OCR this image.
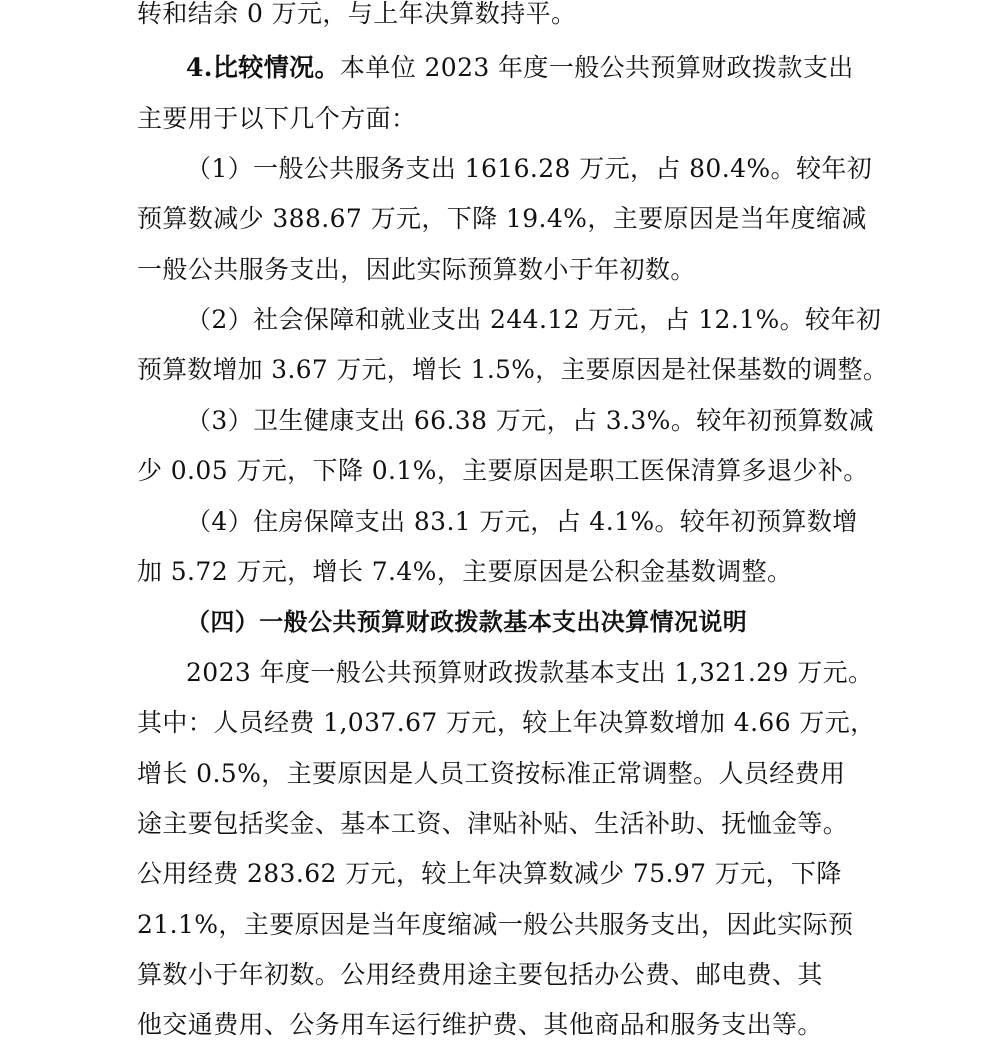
转和结余 0 万元，与上年决算数持平。
4.比较情况。本单位 2023 年度一般公共预算财政拨款支出
主要用于以下几个方面：
（1）一般公共服务支出 1616.28 万元，占 80.4%。较年初
预算数减少 388.67 万元，下降 19.4%，主要原因是当年度缩减
一般公共服务支出，因此实际预算数小于年初数。
（2）社会保障和就业支出 244.12 万元，占 12.1%。较年初
预算数增加 3.67 万元，增长 1.5%，主要原因是社保基数的调整。
（3）卫生健康支出 66.38 万元，占 3.3%。较年初预算数减
少 0.05 万元，下降 0.1%，主要原因是职工医保清算多退少补。
（4）住房保障支出 83.1 万元，占 4.1%。较年初预算数增
加 5.72 万元，增长 7.4%，主要原因是公积金基数调整。
（四）一般公共预算财政拨款基本支出决算情况说明
2023 年度一般公共预算财政拨款基本支出 1,321.29 万元。
其中：人员经费 1,037.67 万元，较上年决算数增加 4.66 万元，
增长 0.5%，主要原因是人员工资按标准正常调整。人员经费用
途主要包括奖金、基本工资、津贴补贴、生活补助、抚恤金等。
公用经费 283.62 万元，较上年决算数减少 75.97 万元，下降
21.1%，主要原因是当年度缩减一般公共服务支出，因此实际预
算数小于年初数。公用经费用途主要包括办公费、邮电费、其
他交通费用、公务用车运行维护费、其他商品和服务支出等。
